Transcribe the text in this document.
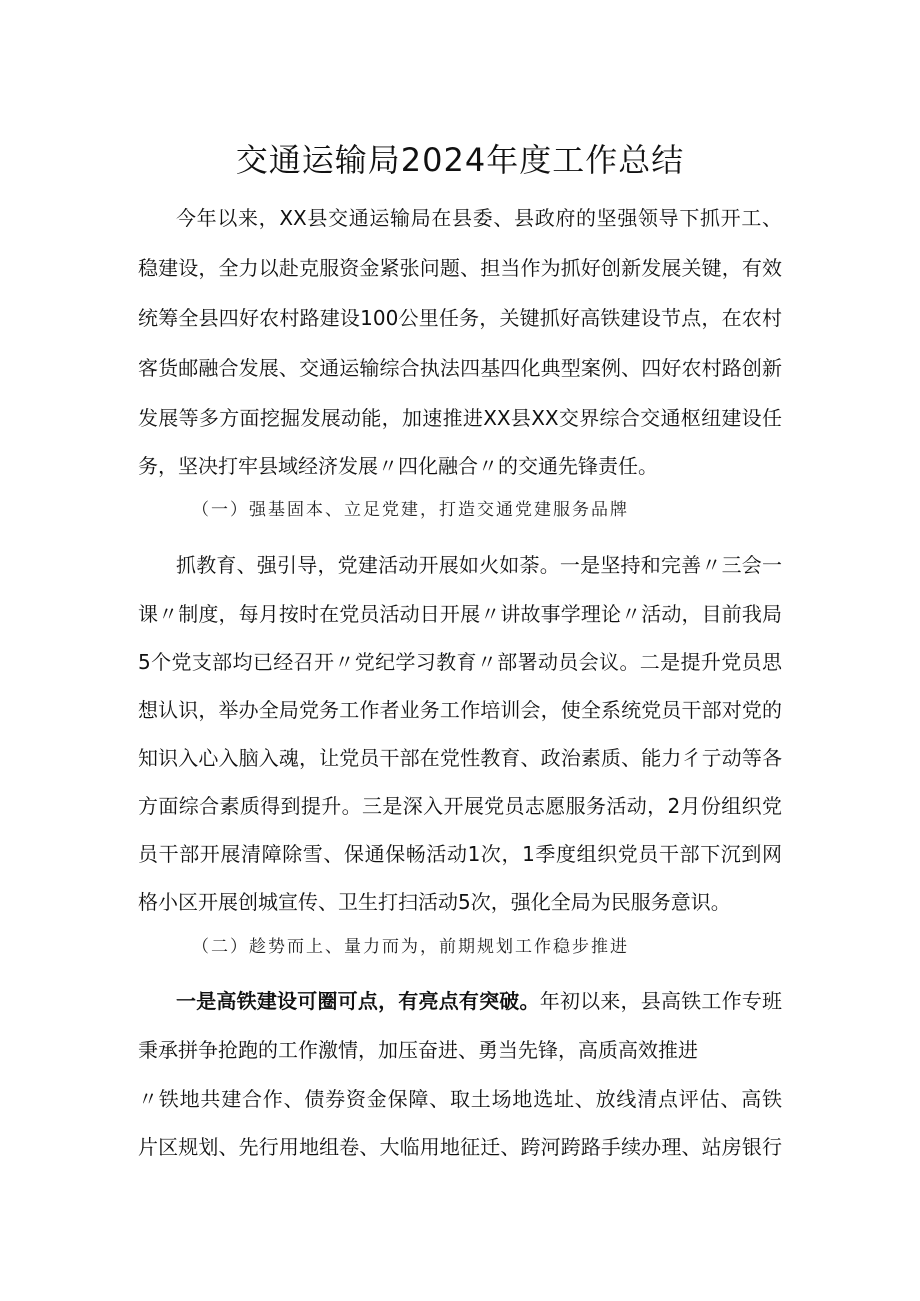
交通运输局2024年度工作总结
今年以来，XX县交通运输局在县委、县政府的坚强领导下抓开工、
稳建设，全力以赴克服资金紧张问题、担当作为抓好创新发展关键，有效
统筹全县四好农村路建设100公里任务，关键抓好高铁建设节点，在农村
客货邮融合发展、交通运输综合执法四基四化典型案例、四好农村路创新
发展等多方面挖掘发展动能，加速推进XX县XX交界综合交通枢纽建设任
务，坚决打牢县域经济发展〃四化融合〃的交通先锋责任。
（一）强基固本、立足党建，打造交通党建服务品牌
抓教育、强引导，党建活动开展如火如荼。一是坚持和完善〃三会一
课〃制度，每月按时在党员活动日开展〃讲故事学理论〃活动，目前我局
5个党支部均已经召开〃党纪学习教育〃部署动员会议。二是提升党员思
想认识，举办全局党务工作者业务工作培训会，使全系统党员干部对党的
知识入心入脑入魂，让党员干部在党性教育、政治素质、能力彳亍动等各
方面综合素质得到提升。三是深入开展党员志愿服务活动，2月份组织党
员干部开展清障除雪、保通保畅活动1次，1季度组织党员干部下沉到网
格小区开展创城宣传、卫生打扫活动5次，强化全局为民服务意识。
（二）趁势而上、量力而为，前期规划工作稳步推进
一是高铁建设可圈可点，有亮点有突破。年初以来，县高铁工作专班
秉承拼争抢跑的工作激情，加压奋进、勇当先锋，高质高效推进
〃铁地共建合作、债券资金保障、取土场地选址、放线清点评估、高铁
片区规划、先行用地组卷、大临用地征迁、跨河跨路手续办理、站房银行
